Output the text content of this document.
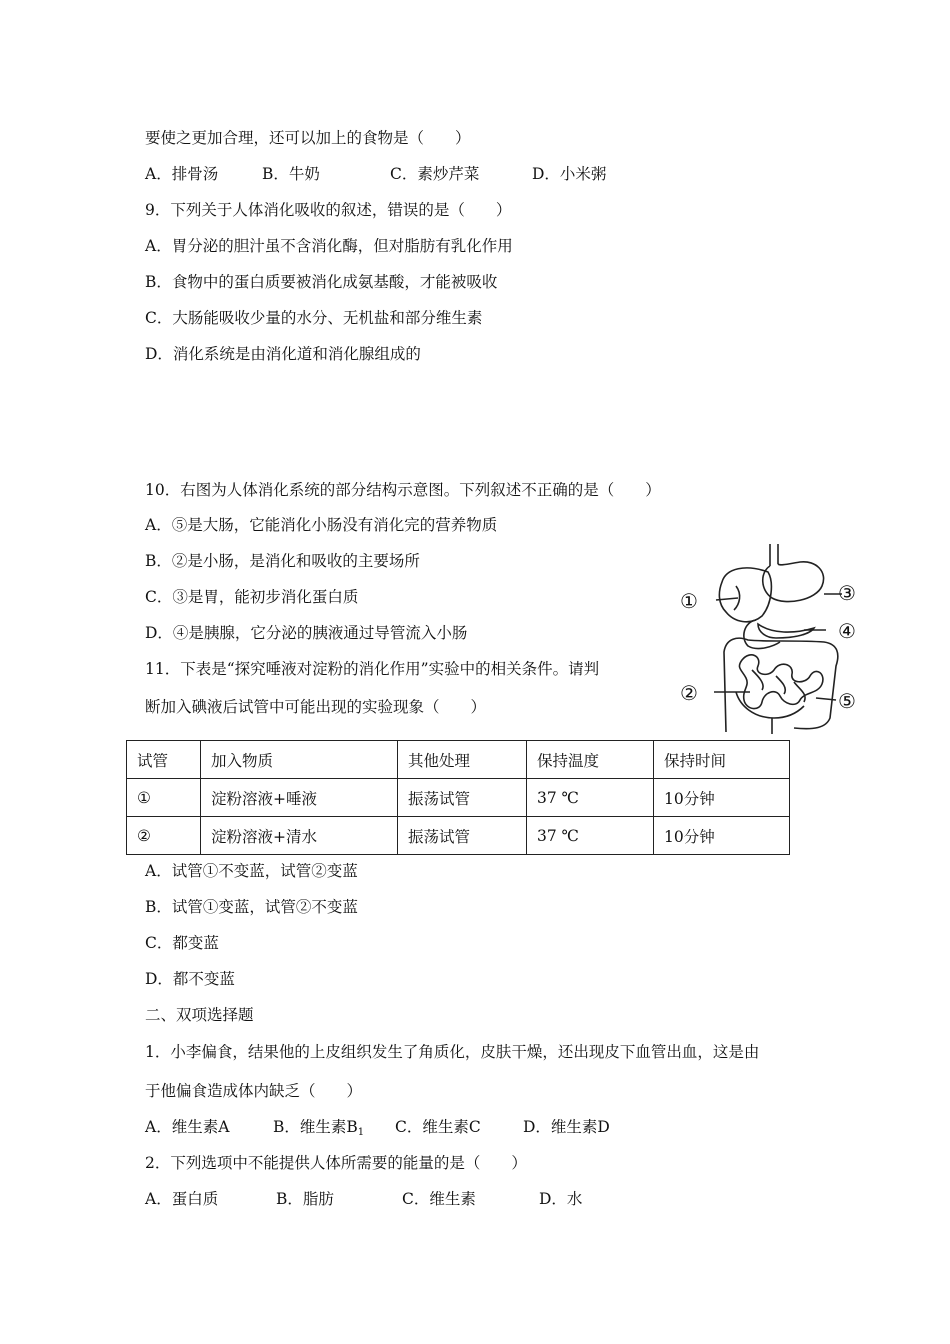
要使之更加合理，还可以加上的食物是（　　）
A．排骨汤	B．牛奶	C．素炒芹菜	D．小米粥
9．下列关于人体消化吸收的叙述，错误的是（　　）
A．胃分泌的胆汁虽不含消化酶，但对脂肪有乳化作用
B．食物中的蛋白质要被消化成氨基酸，才能被吸收
C．大肠能吸收少量的水分、无机盐和部分维生素
D．消化系统是由消化道和消化腺组成的
10．右图为人体消化系统的部分结构示意图。下列叙述不正确的是（　　）
A．⑤是大肠，它能消化小肠没有消化完的营养物质
B．②是小肠，是消化和吸收的主要场所
C．③是胃，能初步消化蛋白质
D．④是胰腺，它分泌的胰液通过导管流入小肠
①
②
③
④
⑤
11．下表是“探究唾液对淀粉的消化作用”实验中的相关条件。请判
断加入碘液后试管中可能出现的实验现象（　　）
试管	加入物质	其他处理	保持温度	保持时间
①	淀粉溶液+唾液	振荡试管	37 ℃	10分钟
②	淀粉溶液+清水	振荡试管	37 ℃	10分钟
A．试管①不变蓝，试管②变蓝
B．试管①变蓝，试管②不变蓝
C．都变蓝
D．都不变蓝
二、双项选择题
1．小李偏食，结果他的上皮组织发生了角质化，皮肤干燥，还出现皮下血管出血，这是由
于他偏食造成体内缺乏（　　）
A．维生素A	B．维生素B1 C．维生素C	D．维生素D
2．下列选项中不能提供人体所需要的能量的是（　　）
A．蛋白质	B．脂肪	C．维生素	D．水
